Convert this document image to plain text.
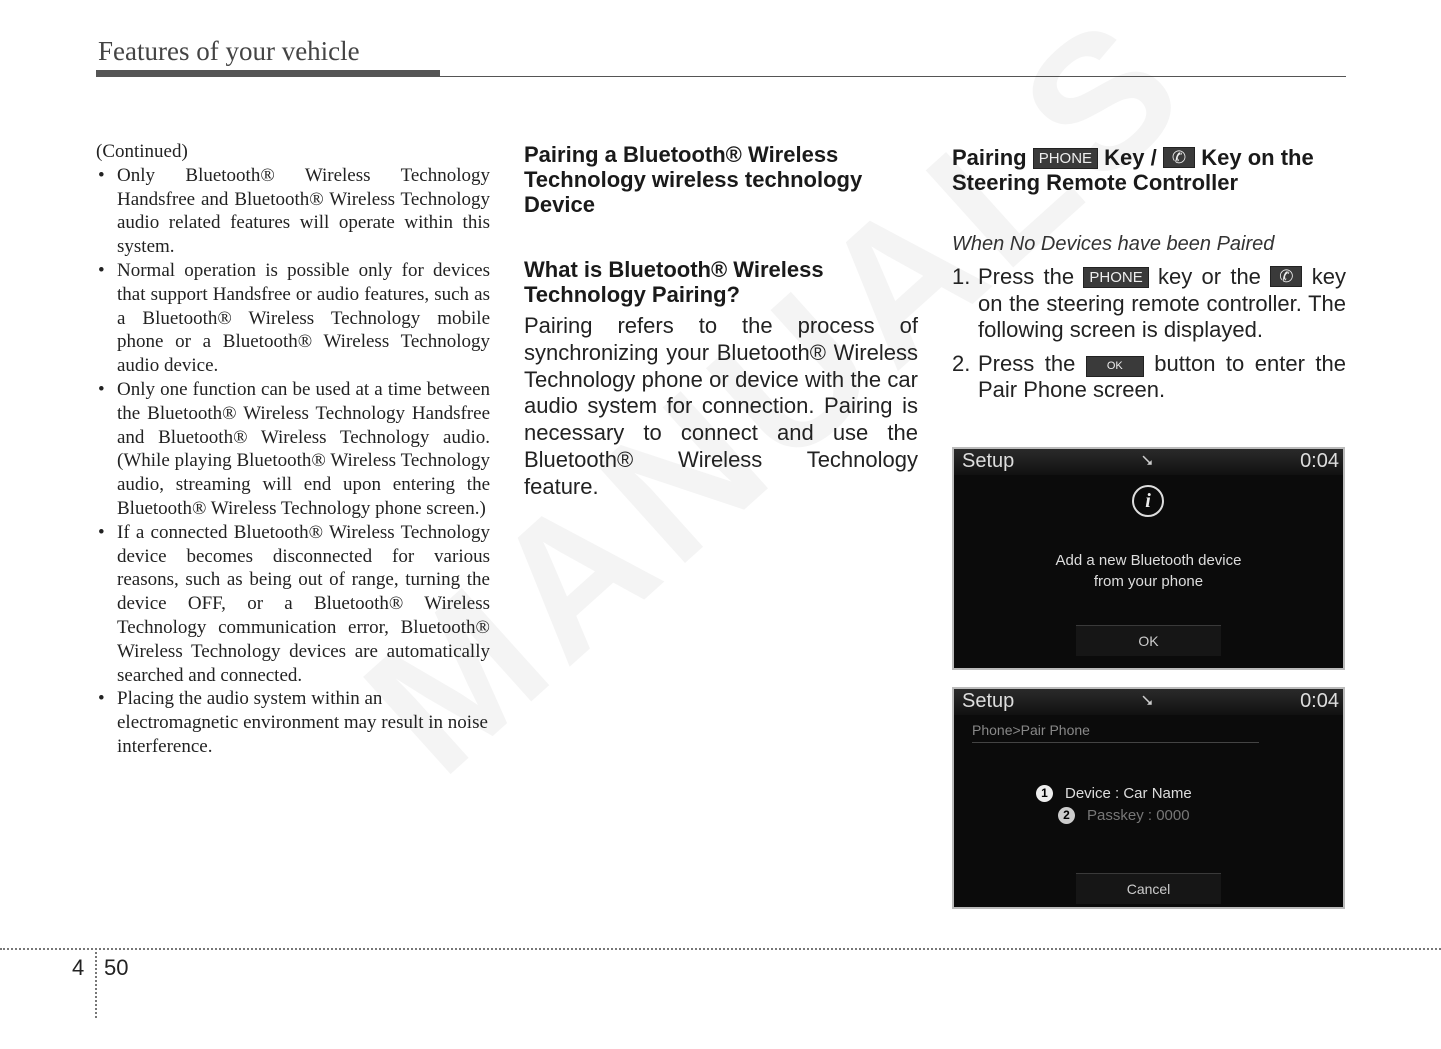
Features of your vehicle
(Continued)
• Only Bluetooth® Wireless Technology Handsfree and Bluetooth® Wireless Technology audio related features will operate within this system.
• Normal operation is possible only for devices that support Handsfree or audio features, such as a Bluetooth® Wireless Technology mobile phone or a Bluetooth® Wireless Technology audio device.
• Only one function can be used at a time between the Bluetooth® Wireless Technology Handsfree and Bluetooth® Wireless Technology audio. (While playing Bluetooth® Wireless Technology audio, streaming will end upon entering the Bluetooth® Wireless Technology phone screen.)
• If a connected Bluetooth® Wireless Technology device becomes disconnected for various reasons, such as being out of range, turning the device OFF, or a Bluetooth® Wireless Technology communication error, Bluetooth® Wireless Technology devices are automatically searched and connected.
• Placing the audio system within an electromagnetic environment may result in noise interference.
Pairing a Bluetooth® Wireless Technology wireless technology Device
What is Bluetooth® Wireless Technology Pairing?

Pairing refers to the process of synchronizing your Bluetooth® Wireless Technology phone or device with the car audio system for connection. Pairing is necessary to connect and use the Bluetooth® Wireless Technology feature.

Pairing PHONE Key / ✆ Key on the Steering Remote Controller
When No Devices have been Paired
1. Press the PHONE key or the ✆ key on the steering remote controller. The following screen is displayed.
2. Press the	OK button to enter the Pair Phone screen.
Setup	⭨	0:04
i
Add a new Bluetooth device
from your phone
OK
Setup	⭨	0:04
Phone>Pair Phone
1 Device : Car Name
2 Passkey : 0000
Cancel
4 50
